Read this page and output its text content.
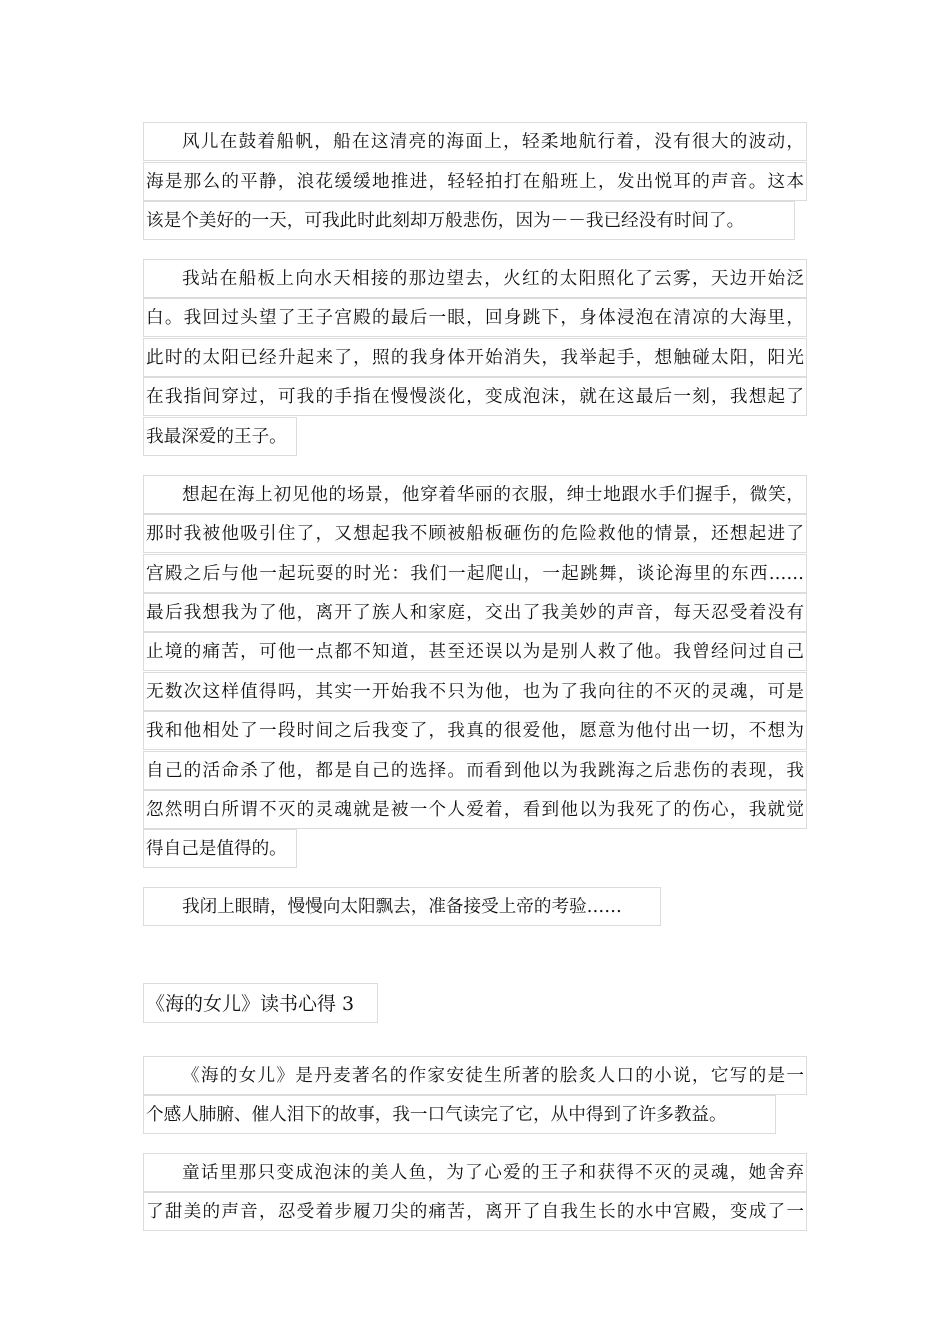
风儿在鼓着船帆，船在这清亮的海面上，轻柔地航行着，没有很大的波动，
海是那么的平静，浪花缓缓地推进，轻轻拍打在船班上，发出悦耳的声音。这本
该是个美好的一天，可我此时此刻却万般悲伤，因为－－我已经没有时间了。
我站在船板上向水天相接的那边望去，火红的太阳照化了云雾，天边开始泛
白。我回过头望了王子宫殿的最后一眼，回身跳下，身体浸泡在清凉的大海里，
此时的太阳已经升起来了，照的我身体开始消失，我举起手，想触碰太阳，阳光
在我指间穿过，可我的手指在慢慢淡化，变成泡沫，就在这最后一刻，我想起了
我最深爱的王子。
想起在海上初见他的场景，他穿着华丽的衣服，绅士地跟水手们握手，微笑，
那时我被他吸引住了，又想起我不顾被船板砸伤的危险救他的情景，还想起进了
宫殿之后与他一起玩耍的时光：我们一起爬山，一起跳舞，谈论海里的东西……
最后我想我为了他，离开了族人和家庭，交出了我美妙的声音，每天忍受着没有
止境的痛苦，可他一点都不知道，甚至还误以为是别人救了他。我曾经问过自己
无数次这样值得吗，其实一开始我不只为他，也为了我向往的不灭的灵魂，可是
我和他相处了一段时间之后我变了，我真的很爱他，愿意为他付出一切，不想为
自己的活命杀了他，都是自己的选择。而看到他以为我跳海之后悲伤的表现，我
忽然明白所谓不灭的灵魂就是被一个人爱着，看到他以为我死了的伤心，我就觉
得自己是值得的。
我闭上眼睛，慢慢向太阳飘去，准备接受上帝的考验……
《海的女儿》读书心得 3
《海的女儿》是丹麦著名的作家安徒生所著的脍炙人口的小说，它写的是一
个感人肺腑、催人泪下的故事，我一口气读完了它，从中得到了许多教益。
童话里那只变成泡沫的美人鱼，为了心爱的王子和获得不灭的灵魂，她舍弃
了甜美的声音，忍受着步履刀尖的痛苦，离开了自我生长的水中宫殿，变成了一
